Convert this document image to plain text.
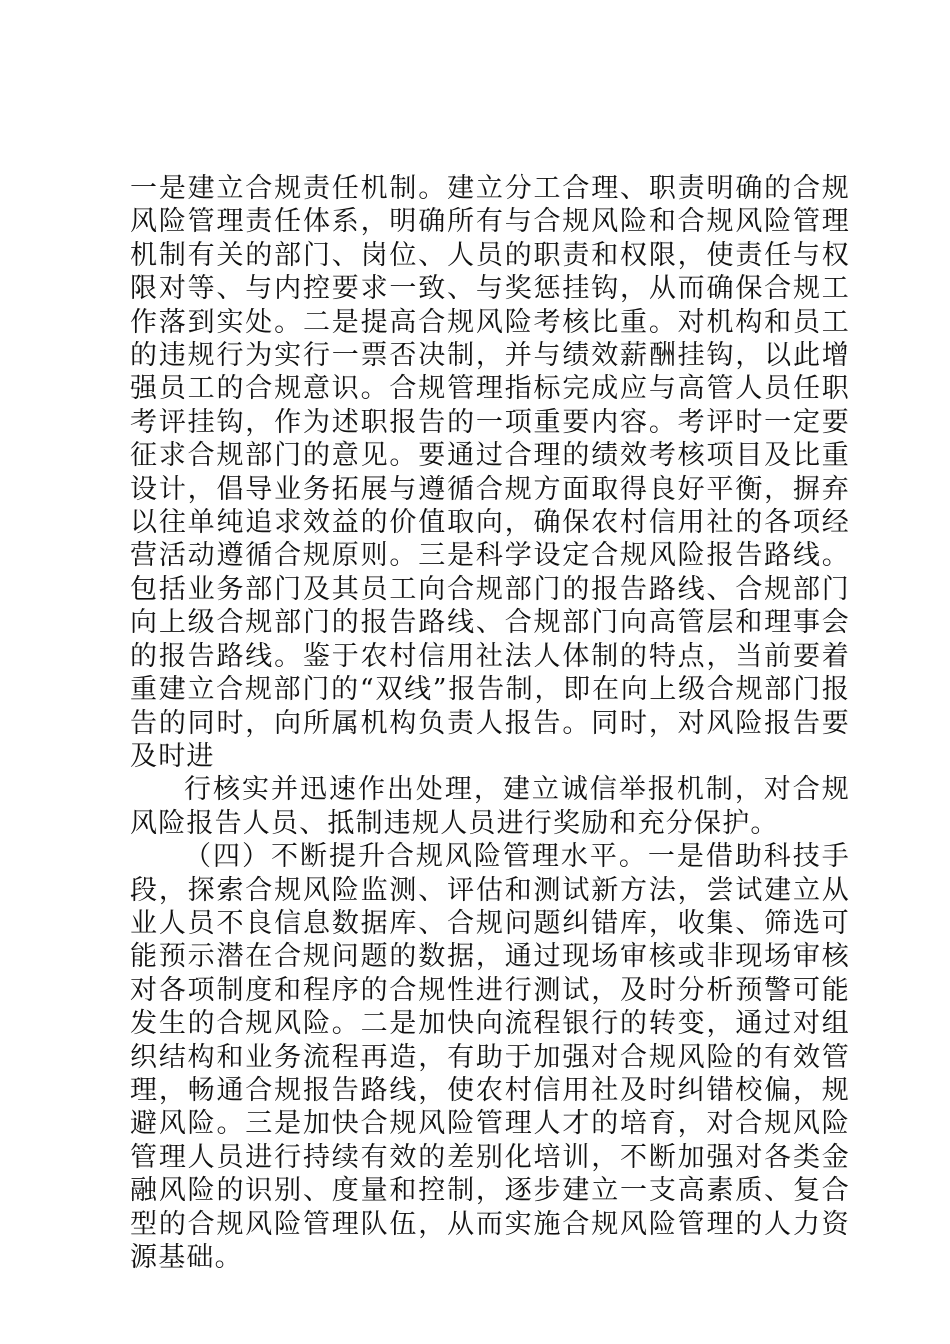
一是建立合规责任机制。建立分工合理、职责明确的合规风险管理责任体系，明确所有与合规风险和合规风险管理机制有关的部门、岗位、人员的职责和权限，使责任与权限对等、与内控要求一致、与奖惩挂钩，从而确保合规工作落到实处。二是提高合规风险考核比重。对机构和员工的违规行为实行一票否决制，并与绩效薪酬挂钩，以此增强员工的合规意识。合规管理指标完成应与高管人员任职考评挂钩，作为述职报告的一项重要内容。考评时一定要征求合规部门的意见。要通过合理的绩效考核项目及比重设计，倡导业务拓展与遵循合规方面取得良好平衡，摒弃以往单纯追求效益的价值取向，确保农村信用社的各项经营活动遵循合规原则。三是科学设定合规风险报告路线。包括业务部门及其员工向合规部门的报告路线、合规部门向上级合规部门的报告路线、合规部门向高管层和理事会的报告路线。鉴于农村信用社法人体制的特点，当前要着重建立合规部门的“双线”报告制，即在向上级合规部门报告的同时，向所属机构负责人报告。同时，对风险报告要及时进

行核实并迅速作出处理，建立诚信举报机制，对合规风险报告人员、抵制违规人员进行奖励和充分保护。

（四）不断提升合规风险管理水平。一是借助科技手段，探索合规风险监测、评估和测试新方法，尝试建立从业人员不良信息数据库、合规问题纠错库，收集、筛选可能预示潜在合规问题的数据，通过现场审核或非现场审核对各项制度和程序的合规性进行测试，及时分析预警可能发生的合规风险。二是加快向流程银行的转变，通过对组织结构和业务流程再造，有助于加强对合规风险的有效管理，畅通合规报告路线，使农村信用社及时纠错校偏，规避风险。三是加快合规风险管理人才的培育，对合规风险管理人员进行持续有效的差别化培训，不断加强对各类金融风险的识别、度量和控制，逐步建立一支高素质、复合型的合规风险管理队伍，从而实施合规风险管理的人力资源基础。
